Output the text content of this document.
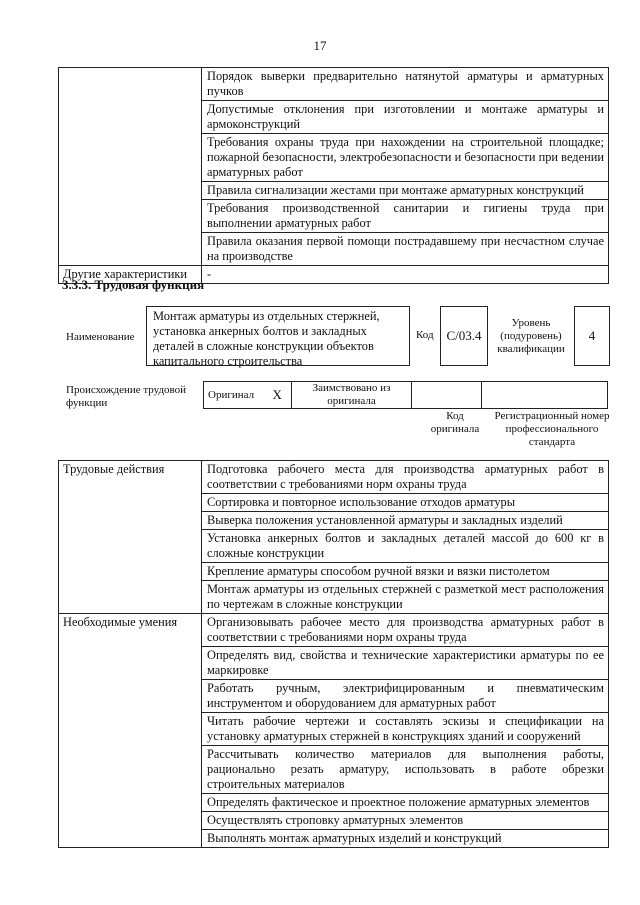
17
	Порядок выверки предварительно натянутой арматуры и арматурных пучков
	Допустимые отклонения при изготовлении и монтаже арматуры и армоконструкций
	Требования охраны труда при нахождении на строительной площадке; пожарной безопасности, электробезопасности и безопасности при ведении арматурных работ
	Правила сигнализации жестами при монтаже арматурных конструкций
	Требования производственной санитарии и гигиены труда при выполнении арматурных работ
	Правила оказания первой помощи пострадавшему при несчастном случае на производстве
Другие характеристики	-
3.3.3. Трудовая функция
Наименование
Монтаж арматуры из отдельных стержней, установка анкерных болтов и закладных деталей в сложные конструкции объектов капитального строительства
Код C/03.4
Уровень (подуровень) квалификации
4
Происхождение трудовой функции
Оригинал	X	Заимствовано из оригинала		
Код оригинала
Регистрационный номер профессионального стандарта
Трудовые действия	Подготовка рабочего места для производства арматурных работ в соответствии с требованиями норм охраны труда
	Сортировка и повторное использование отходов арматуры
	Выверка положения установленной арматуры и закладных изделий
	Установка анкерных болтов и закладных деталей массой до 600 кг в сложные конструкции
	Крепление арматуры способом ручной вязки и вязки пистолетом
	Монтаж арматуры из отдельных стержней с разметкой мест расположения по чертежам в сложные конструкции
Необходимые умения	Организовывать рабочее место для производства арматурных работ в соответствии с требованиями норм охраны труда
	Определять вид, свойства и технические характеристики арматуры по ее маркировке
	Работать ручным, электрифицированным и пневматическим инструментом и оборудованием для арматурных работ
	Читать рабочие чертежи и составлять эскизы и спецификации на установку арматурных стержней в конструкциях зданий и сооружений
	Рассчитывать количество материалов для выполнения работы, рационально резать арматуру, использовать в работе обрезки строительных материалов
	Определять фактическое и проектное положение арматурных элементов
	Осуществлять строповку арматурных элементов
	Выполнять монтаж арматурных изделий и конструкций
